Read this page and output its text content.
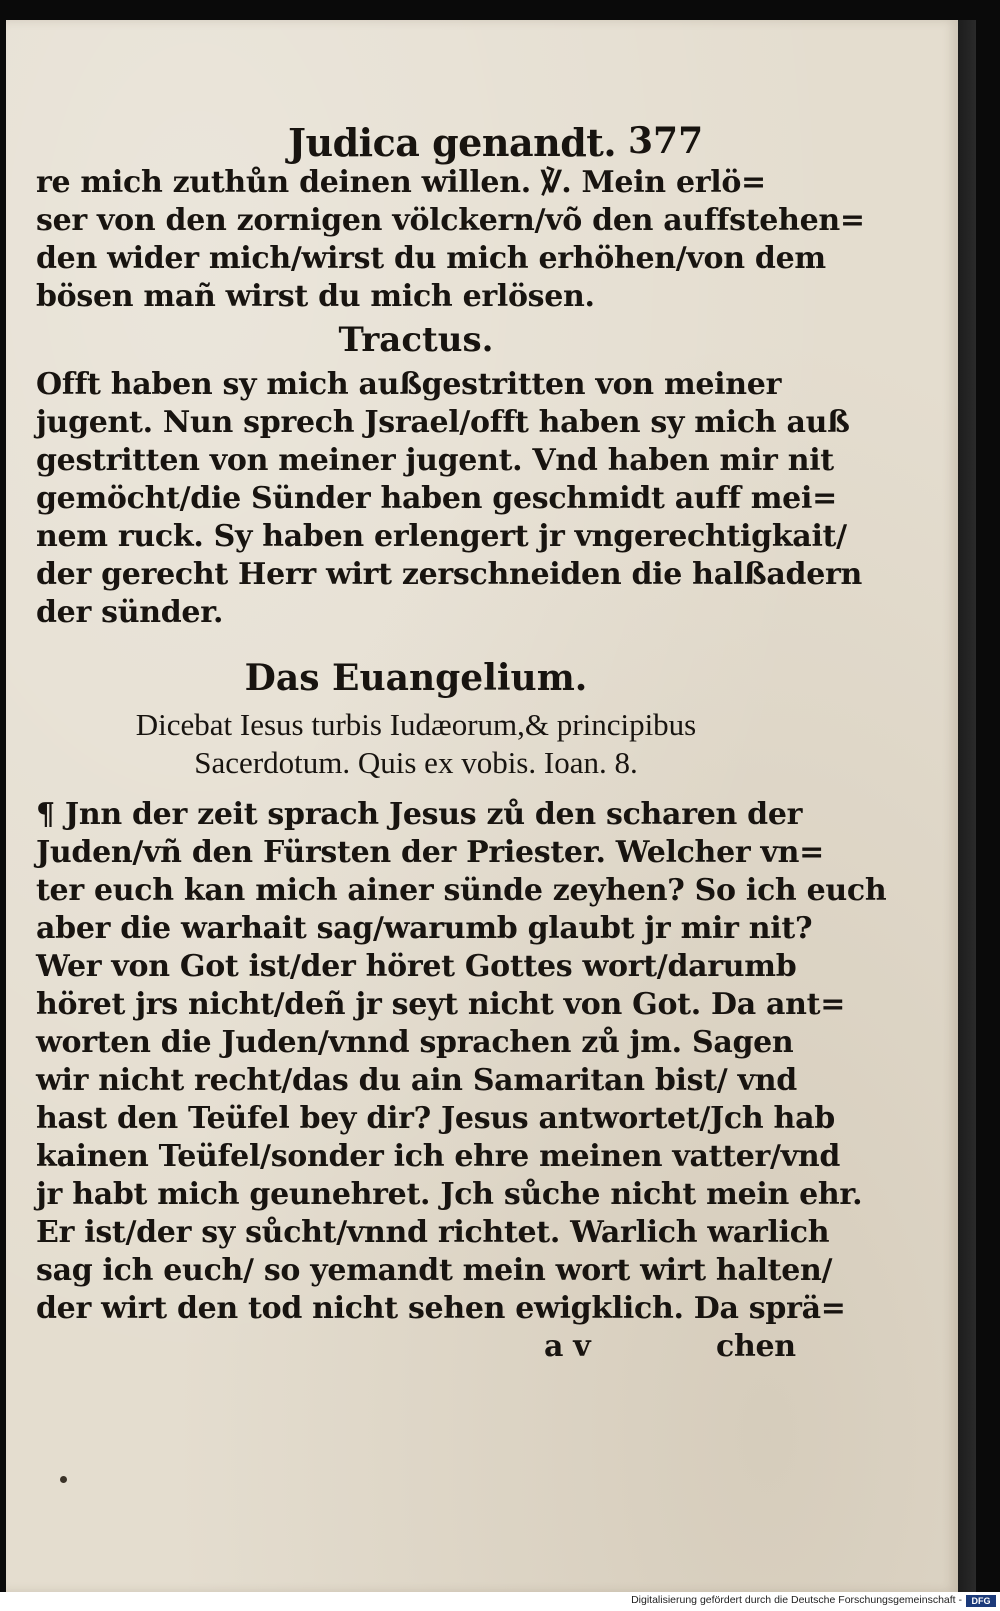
Judica genandt. 377
re mich zuthůn deinen willen. ℣. Mein erlö=
ser von den zornigen völckern/võ den auffstehen=
den wider mich/wirst du mich erhöhen/von dem
bösen mañ wirst du mich erlösen.
Tractus.
Offt haben sy mich außgestritten von meiner
jugent. Nun sprech Jsrael/offt haben sy mich auß
gestritten von meiner jugent. Vnd haben mir nit
gemöcht/die Sünder haben geschmidt auff mei=
nem ruck. Sy haben erlengert jr vngerechtigkait/
der gerecht Herr wirt zerschneiden die halßadern
der sünder.
Das Euangelium.
Dicebat Iesus turbis Iudæorum,& principibus
Sacerdotum. Quis ex vobis. Ioan. 8.
¶ Jnn der zeit sprach Jesus zů den scharen der
Juden/vñ den Fürsten der Priester. Welcher vn=
ter euch kan mich ainer sünde zeyhen? So ich euch
aber die warhait sag/warumb glaubt jr mir nit?
Wer von Got ist/der höret Gottes wort/darumb
höret jrs nicht/deñ jr seyt nicht von Got. Da ant=
worten die Juden/vnnd sprachen zů jm. Sagen
wir nicht recht/das du ain Samaritan bist/ vnd
hast den Teüfel bey dir? Jesus antwortet/Jch hab
kainen Teüfel/sonder ich ehre meinen vatter/vnd
jr habt mich geunehret. Jch sůche nicht mein ehr.
Er ist/der sy sůcht/vnnd richtet. Warlich warlich
sag ich euch/ so yemandt mein wort wirt halten/
der wirt den tod nicht sehen ewigklich. Da sprä=
a v	chen
Digitalisierung gefördert durch die Deutsche Forschungsgemeinschaft -	DFG
